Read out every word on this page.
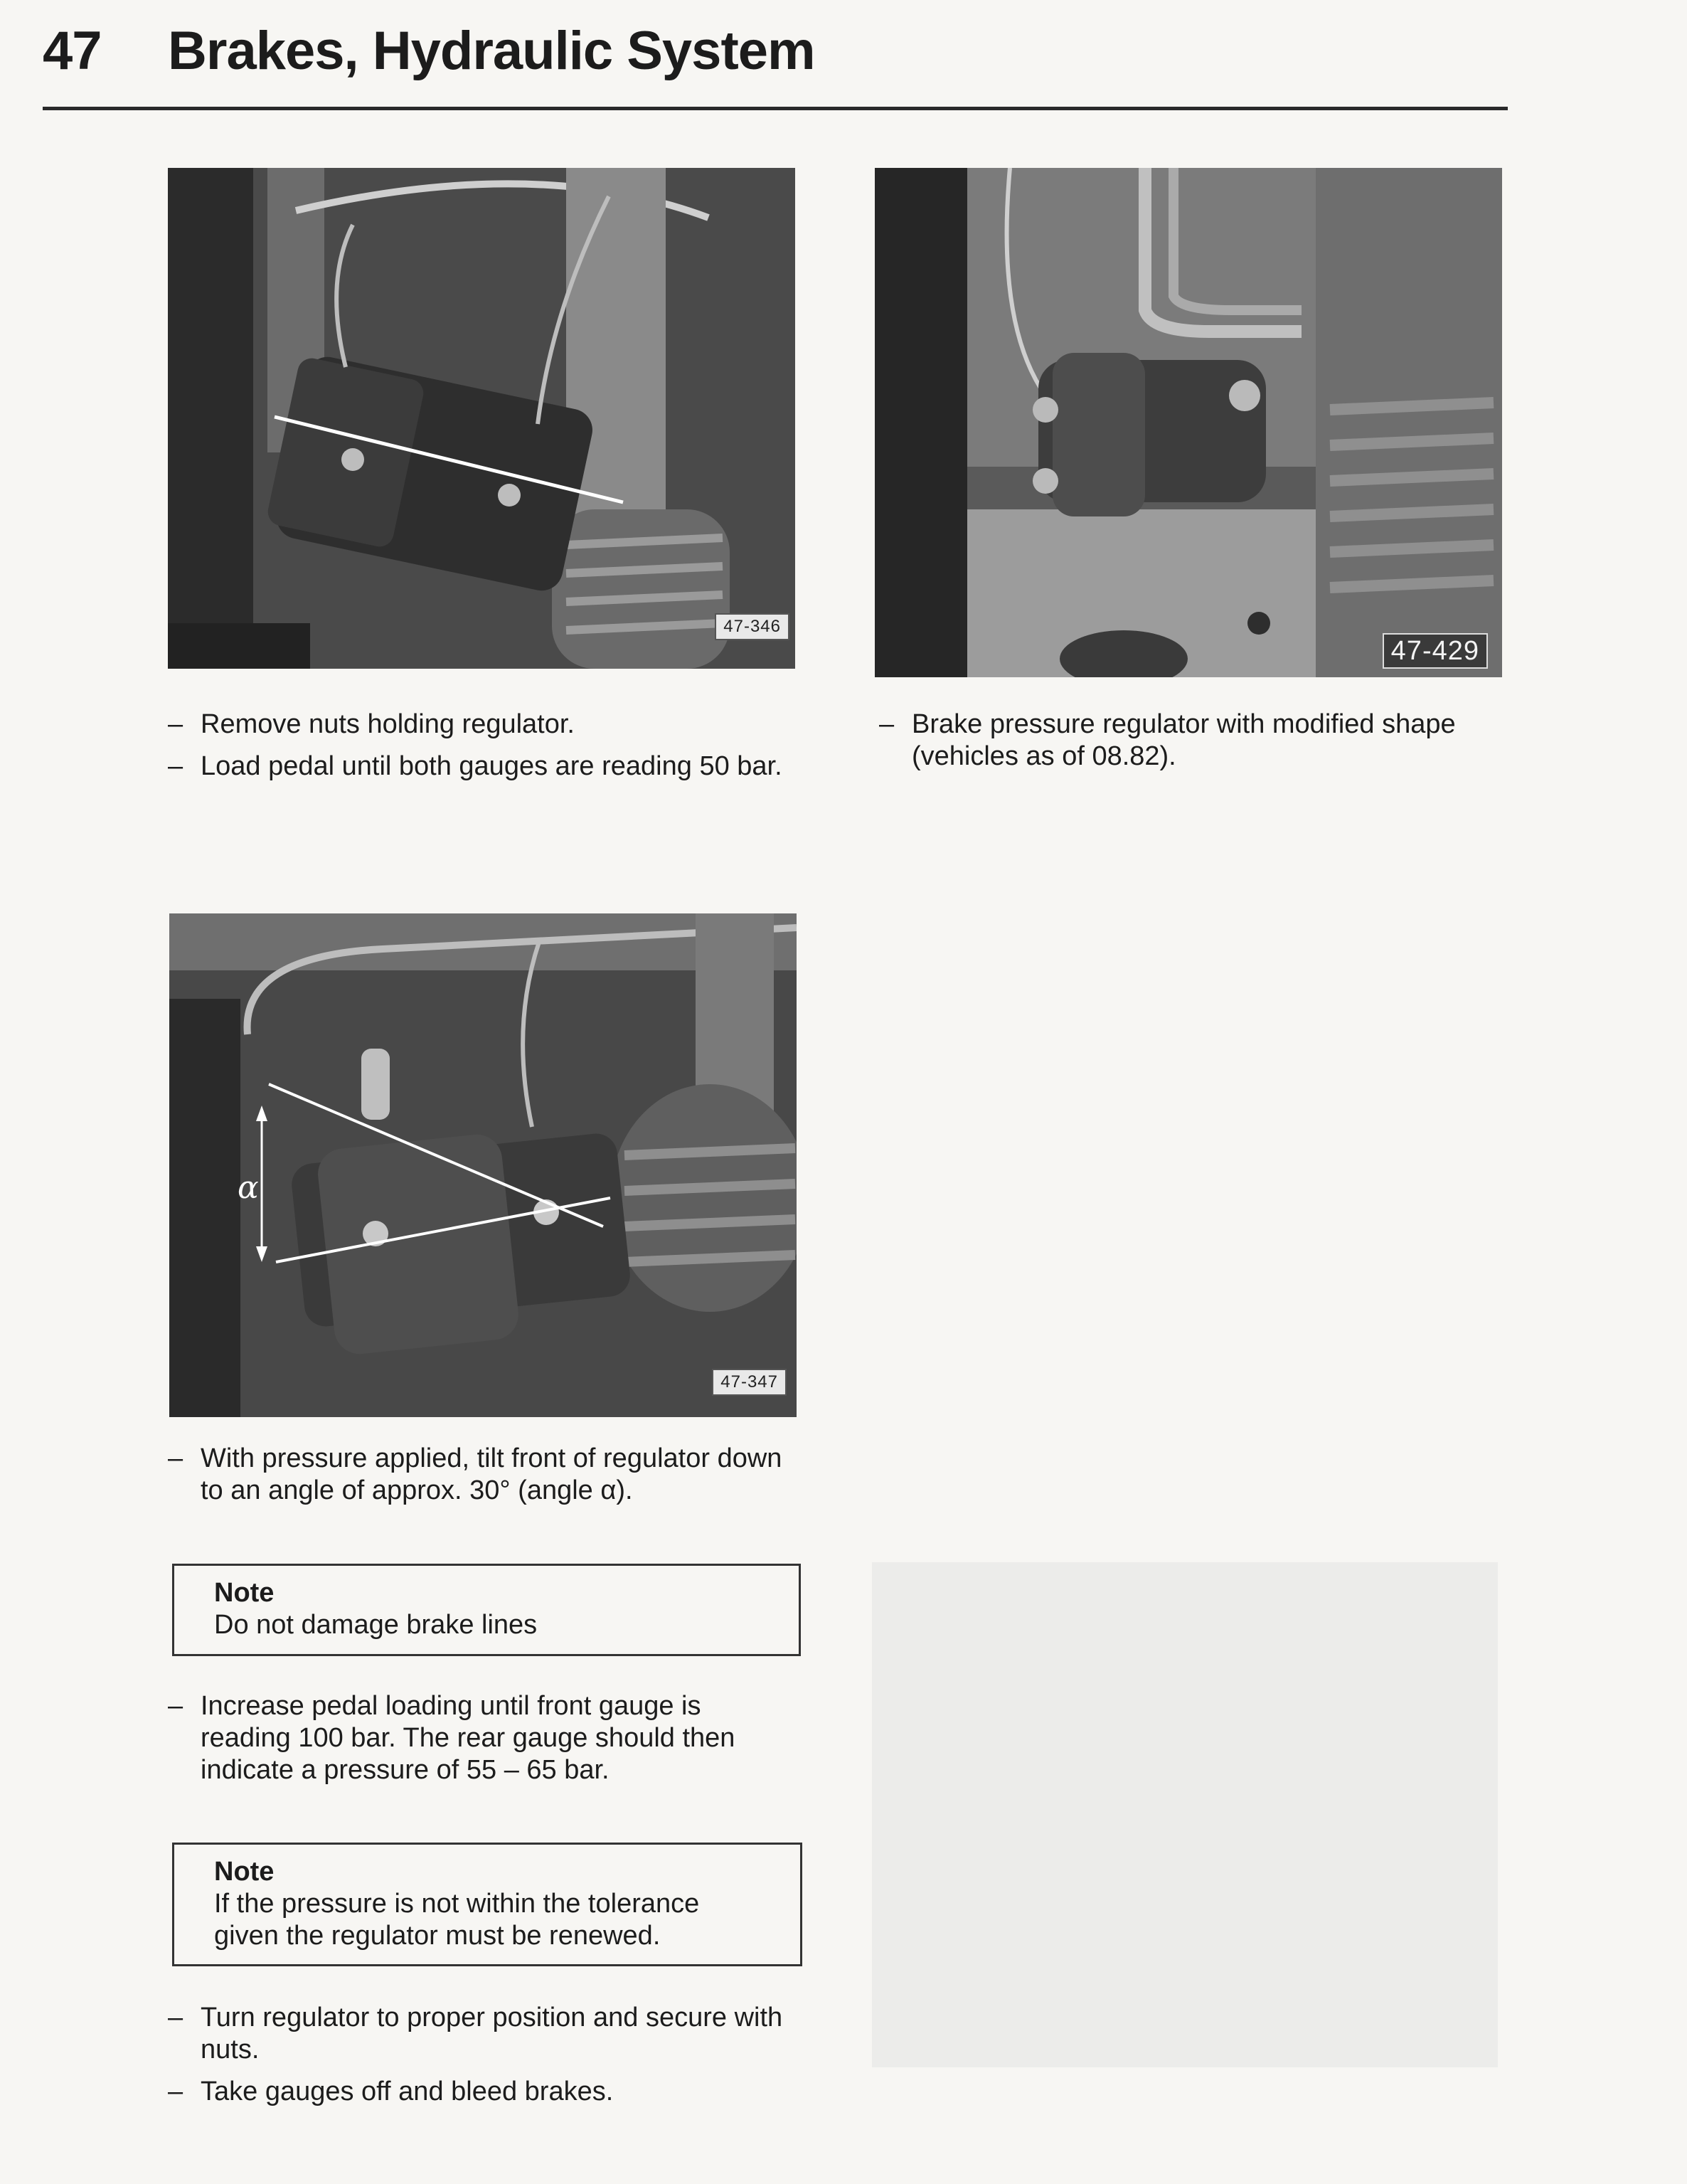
47 Brakes, Hydraulic System
47-346
47-429
– Remove nuts holding regulator.
– Load pedal until both gauges are reading 50 bar.
– Brake pressure regulator with modified shape (vehicles as of 08.82).
α
47-347
– With pressure applied, tilt front of regulator down to an angle of approx. 30° (angle α).
Note
Do not damage brake lines
– Increase pedal loading until front gauge is reading 100 bar. The rear gauge should then indicate a pressure of 55 – 65 bar.
Note
If the pressure is not within the tolerance given the regulator must be renewed.
– Turn regulator to proper position and secure with nuts.
– Take gauges off and bleed brakes.
